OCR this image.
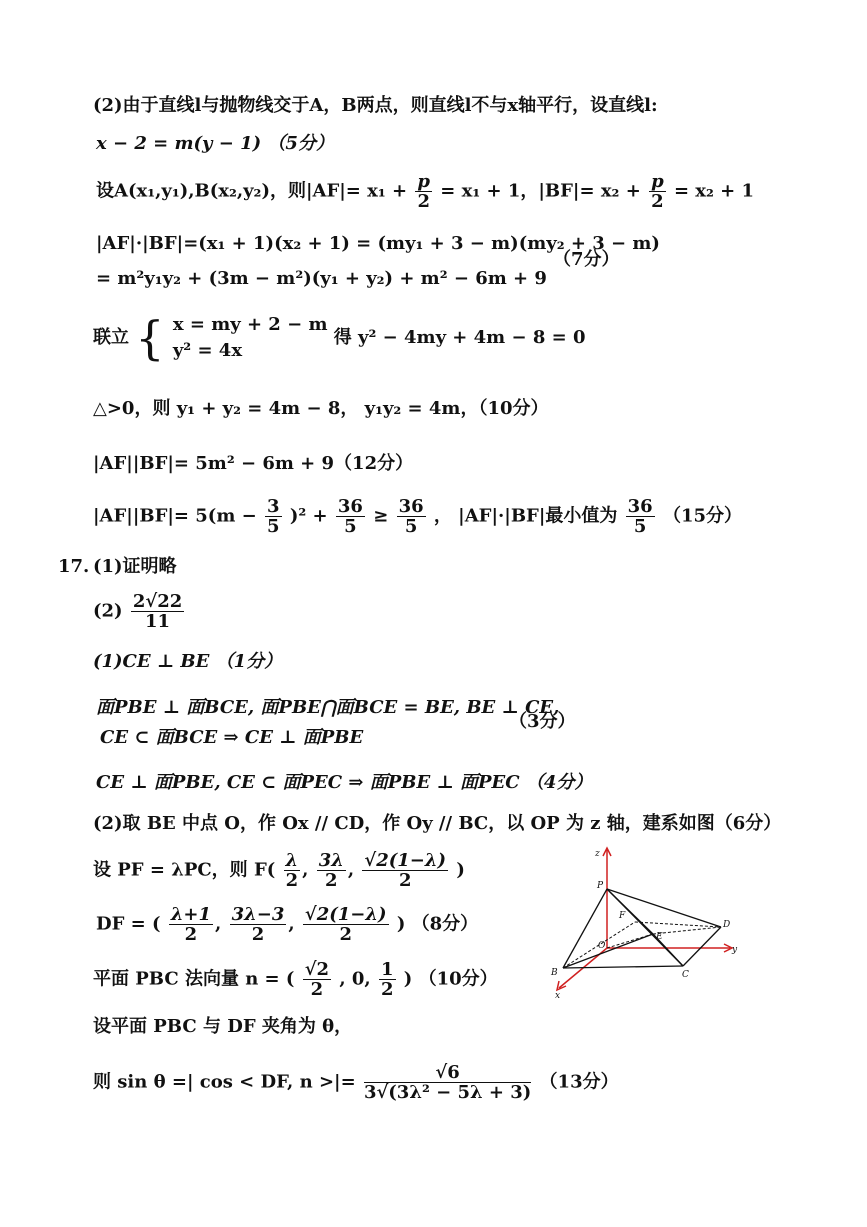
(2)由于直线l与抛物线交于A，B两点，则直线l不与x轴平行，设直线l:
x − 2 = m(y − 1) （5分）
设A(x₁,y₁),B(x₂,y₂)，则$|AF|= x_1 + \frac{p}{2} = x_1 + 1$，$|BF|= x_2 + \frac{p}{2} = x_2 + 1$
|AF|·|BF|=(x₁ + 1)(x₂ + 1) = (my₁ + 3 − m)(my₂ + 3 − m)
= m²y₁y₂ + (3m − m²)(y₁ + y₂) + m² − 6m + 9
（7分）
联立 { x = my + 2 − m
y² = 4x
得 y² − 4my + 4m − 8 = 0
△>0，则 y₁ + y₂ = 4m − 8， y₁y₂ = 4m，（10分）
|AF||BF|= 5m² − 6m + 9（12分）
$|AF||BF|= 5(m - \frac{3}{5} )^2 + \frac{36}{5} \ge \frac{36}{5}$ ， |AF|·|BF|最小值为 $\frac{36}{5} (15$分）
17. (1)证明略
$(2) \frac{2√22}{11}$
(1)CE ⊥ BE （1分）
面PBE ⊥ 面BCE, 面PBE⋂面BCE = BE, BE ⊥ CE,
CE ⊂ 面BCE ⇒ CE ⊥ 面PBE
（3分）
CE ⊥ 面PBE, CE ⊂ 面PEC ⇒ 面PBE ⊥ 面PEC （4分）
(2)取 BE 中点 O，作 Ox // CD，作 Oy // BC，以 OP 为 z 轴，建系如图（6分）
设 PF = λPC，则 $F( \frac{\lambda}{2}$ , $\frac{3\lambda}{2}$ , $\frac{√2(1-\lambda)}{2}$ )
DF = ( $\frac{\lambda+1}{2}$ , $\frac{3\lambda-3}{2}$ , $\frac{√2(1-\lambda)}{2}$ ) （8分）
平面 PBC 法向量 n = ( $\frac{√2}{2}$ , 0, $\frac{1}{2}$ ) （10分）
设平面 PBC 与 DF 夹角为 θ，
则 sin θ =| cos < DF, n >|= $\frac{√6}{\text{3√(3λ² − 5λ + 3)}} (13$分）
z
P
F
E
D
y
O
B	C
x
